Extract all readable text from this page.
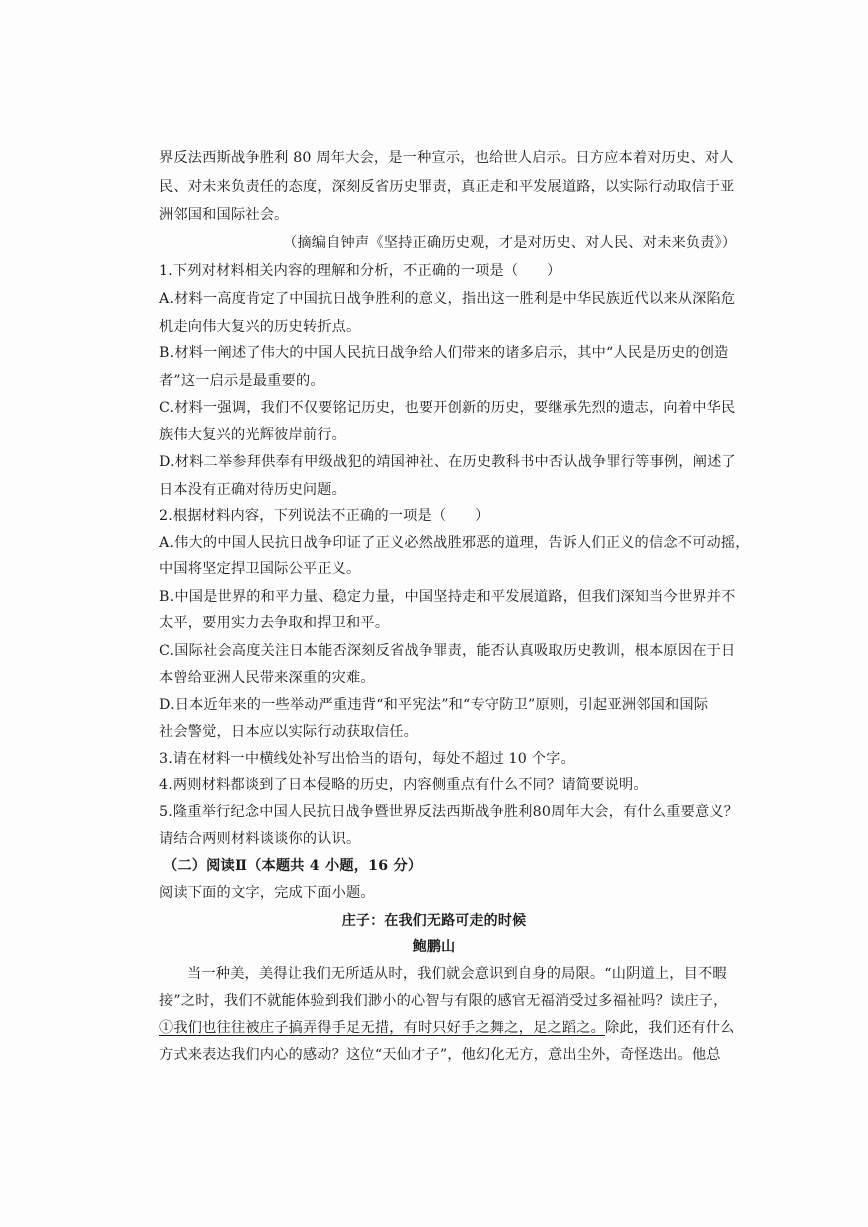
界反法西斯战争胜利 80 周年大会，是一种宣示，也给世人启示。日方应本着对历史、对人
民、对未来负责任的态度，深刻反省历史罪责，真正走和平发展道路，以实际行动取信于亚
洲邻国和国际社会。
（摘编自钟声《坚持正确历史观，才是对历史、对人民、对未来负责》）
1.下列对材料相关内容的理解和分析，不正确的一项是（　　）
A.材料一高度肯定了中国抗日战争胜利的意义，指出这一胜利是中华民族近代以来从深陷危
机走向伟大复兴的历史转折点。
B.材料一阐述了伟大的中国人民抗日战争给人们带来的诸多启示，其中“人民是历史的创造
者”这一启示是最重要的。
C.材料一强调，我们不仅要铭记历史，也要开创新的历史，要继承先烈的遗志，向着中华民
族伟大复兴的光辉彼岸前行。
D.材料二举参拜供奉有甲级战犯的靖国神社、在历史教科书中否认战争罪行等事例，阐述了
日本没有正确对待历史问题。
2.根据材料内容，下列说法不正确的一项是（　　）
A.伟大的中国人民抗日战争印证了正义必然战胜邪恶的道理，告诉人们正义的信念不可动摇，
中国将坚定捍卫国际公平正义。
B.中国是世界的和平力量、稳定力量，中国坚持走和平发展道路，但我们深知当今世界并不
太平，要用实力去争取和捍卫和平。
C.国际社会高度关注日本能否深刻反省战争罪责，能否认真吸取历史教训，根本原因在于日
本曾给亚洲人民带来深重的灾难。
D.日本近年来的一些举动严重违背“和平宪法”和“专守防卫”原则，引起亚洲邻国和国际
社会警觉，日本应以实际行动获取信任。
3.请在材料一中横线处补写出恰当的语句，每处不超过 10 个字。
4.两则材料都谈到了日本侵略的历史，内容侧重点有什么不同？请简要说明。
5.隆重举行纪念中国人民抗日战争暨世界反法西斯战争胜利80周年大会，有什么重要意义？
请结合两则材料谈谈你的认识。
（二）阅读Ⅱ（本题共 4 小题，16 分）
阅读下面的文字，完成下面小题。
庄子：在我们无路可走的时候
鲍鹏山
当一种美，美得让我们无所适从时，我们就会意识到自身的局限。“山阴道上，目不暇
接”之时，我们不就能体验到我们渺小的心智与有限的感官无福消受过多福祉吗？读庄子，
①我们也往往被庄子搞弄得手足无措，有时只好手之舞之，足之蹈之。除此，我们还有什么
方式来表达我们内心的感动？这位“天仙才子”，他幻化无方，意出尘外，奇怪迭出。他总
